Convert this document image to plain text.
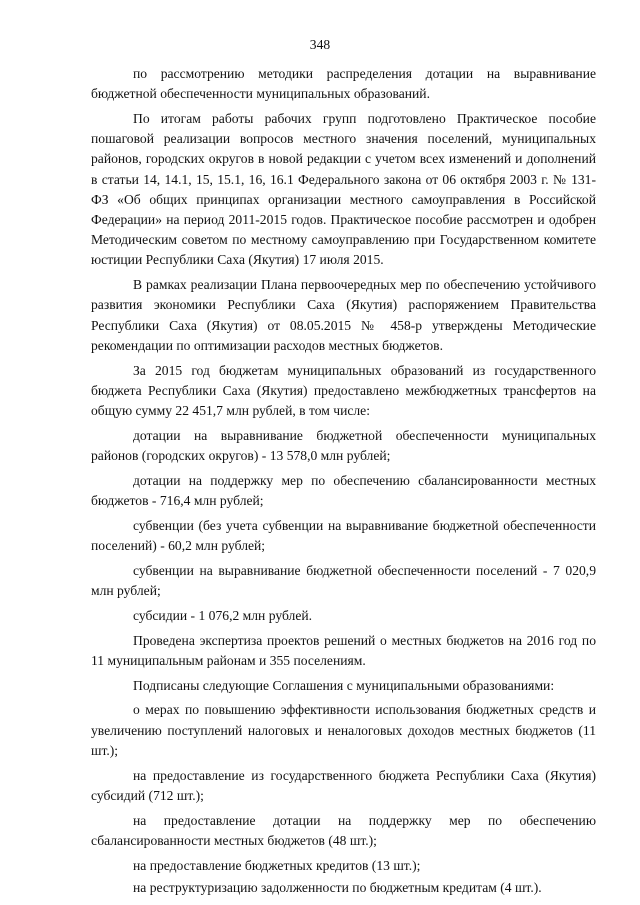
348

по рассмотрению методики распределения дотации на выравнивание бюджетной обеспеченности муниципальных образований.

По итогам работы рабочих групп подготовлено Практическое пособие пошаговой реализации вопросов местного значения поселений, муниципальных районов, городских округов в новой редакции с учетом всех изменений и дополнений в статьи 14, 14.1, 15, 15.1, 16, 16.1 Федерального закона от 06 октября 2003 г. № 131-ФЗ «Об общих принципах организации местного самоуправления в Российской Федерации» на период 2011-2015 годов. Практическое пособие рассмотрен и одобрен Методическим советом по местному самоуправлению при Государственном комитете юстиции Республики Саха (Якутия) 17 июля 2015.

В рамках реализации Плана первоочередных мер по обеспечению устойчивого развития экономики Республики Саха (Якутия) распоряжением Правительства Республики Саха (Якутия) от 08.05.2015 № 458-р утверждены Методические рекомендации по оптимизации расходов местных бюджетов.

За 2015 год бюджетам муниципальных образований из государственного бюджета Республики Саха (Якутия) предоставлено межбюджетных трансфертов на общую сумму 22 451,7 млн рублей, в том числе:

дотации на выравнивание бюджетной обеспеченности муниципальных районов (городских округов) - 13 578,0 млн рублей;

дотации на поддержку мер по обеспечению сбалансированности местных бюджетов - 716,4 млн рублей;

субвенции (без учета субвенции на выравнивание бюджетной обеспеченности поселений) - 60,2 млн рублей;

субвенции на выравнивание бюджетной обеспеченности поселений - 7 020,9 млн рублей;

субсидии - 1 076,2 млн рублей.

Проведена экспертиза проектов решений о местных бюджетов на 2016 год по 11 муниципальным районам и 355 поселениям.

Подписаны следующие Соглашения с муниципальными образованиями:

о мерах по повышению эффективности использования бюджетных средств и увеличению поступлений налоговых и неналоговых доходов местных бюджетов (11 шт.);

на предоставление из государственного бюджета Республики Саха (Якутия) субсидий (712 шт.);

на предоставление дотации на поддержку мер по обеспечению сбалансированности местных бюджетов (48 шт.);

на предоставление бюджетных кредитов (13 шт.);

на реструктуризацию задолженности по бюджетным кредитам (4 шт.).
